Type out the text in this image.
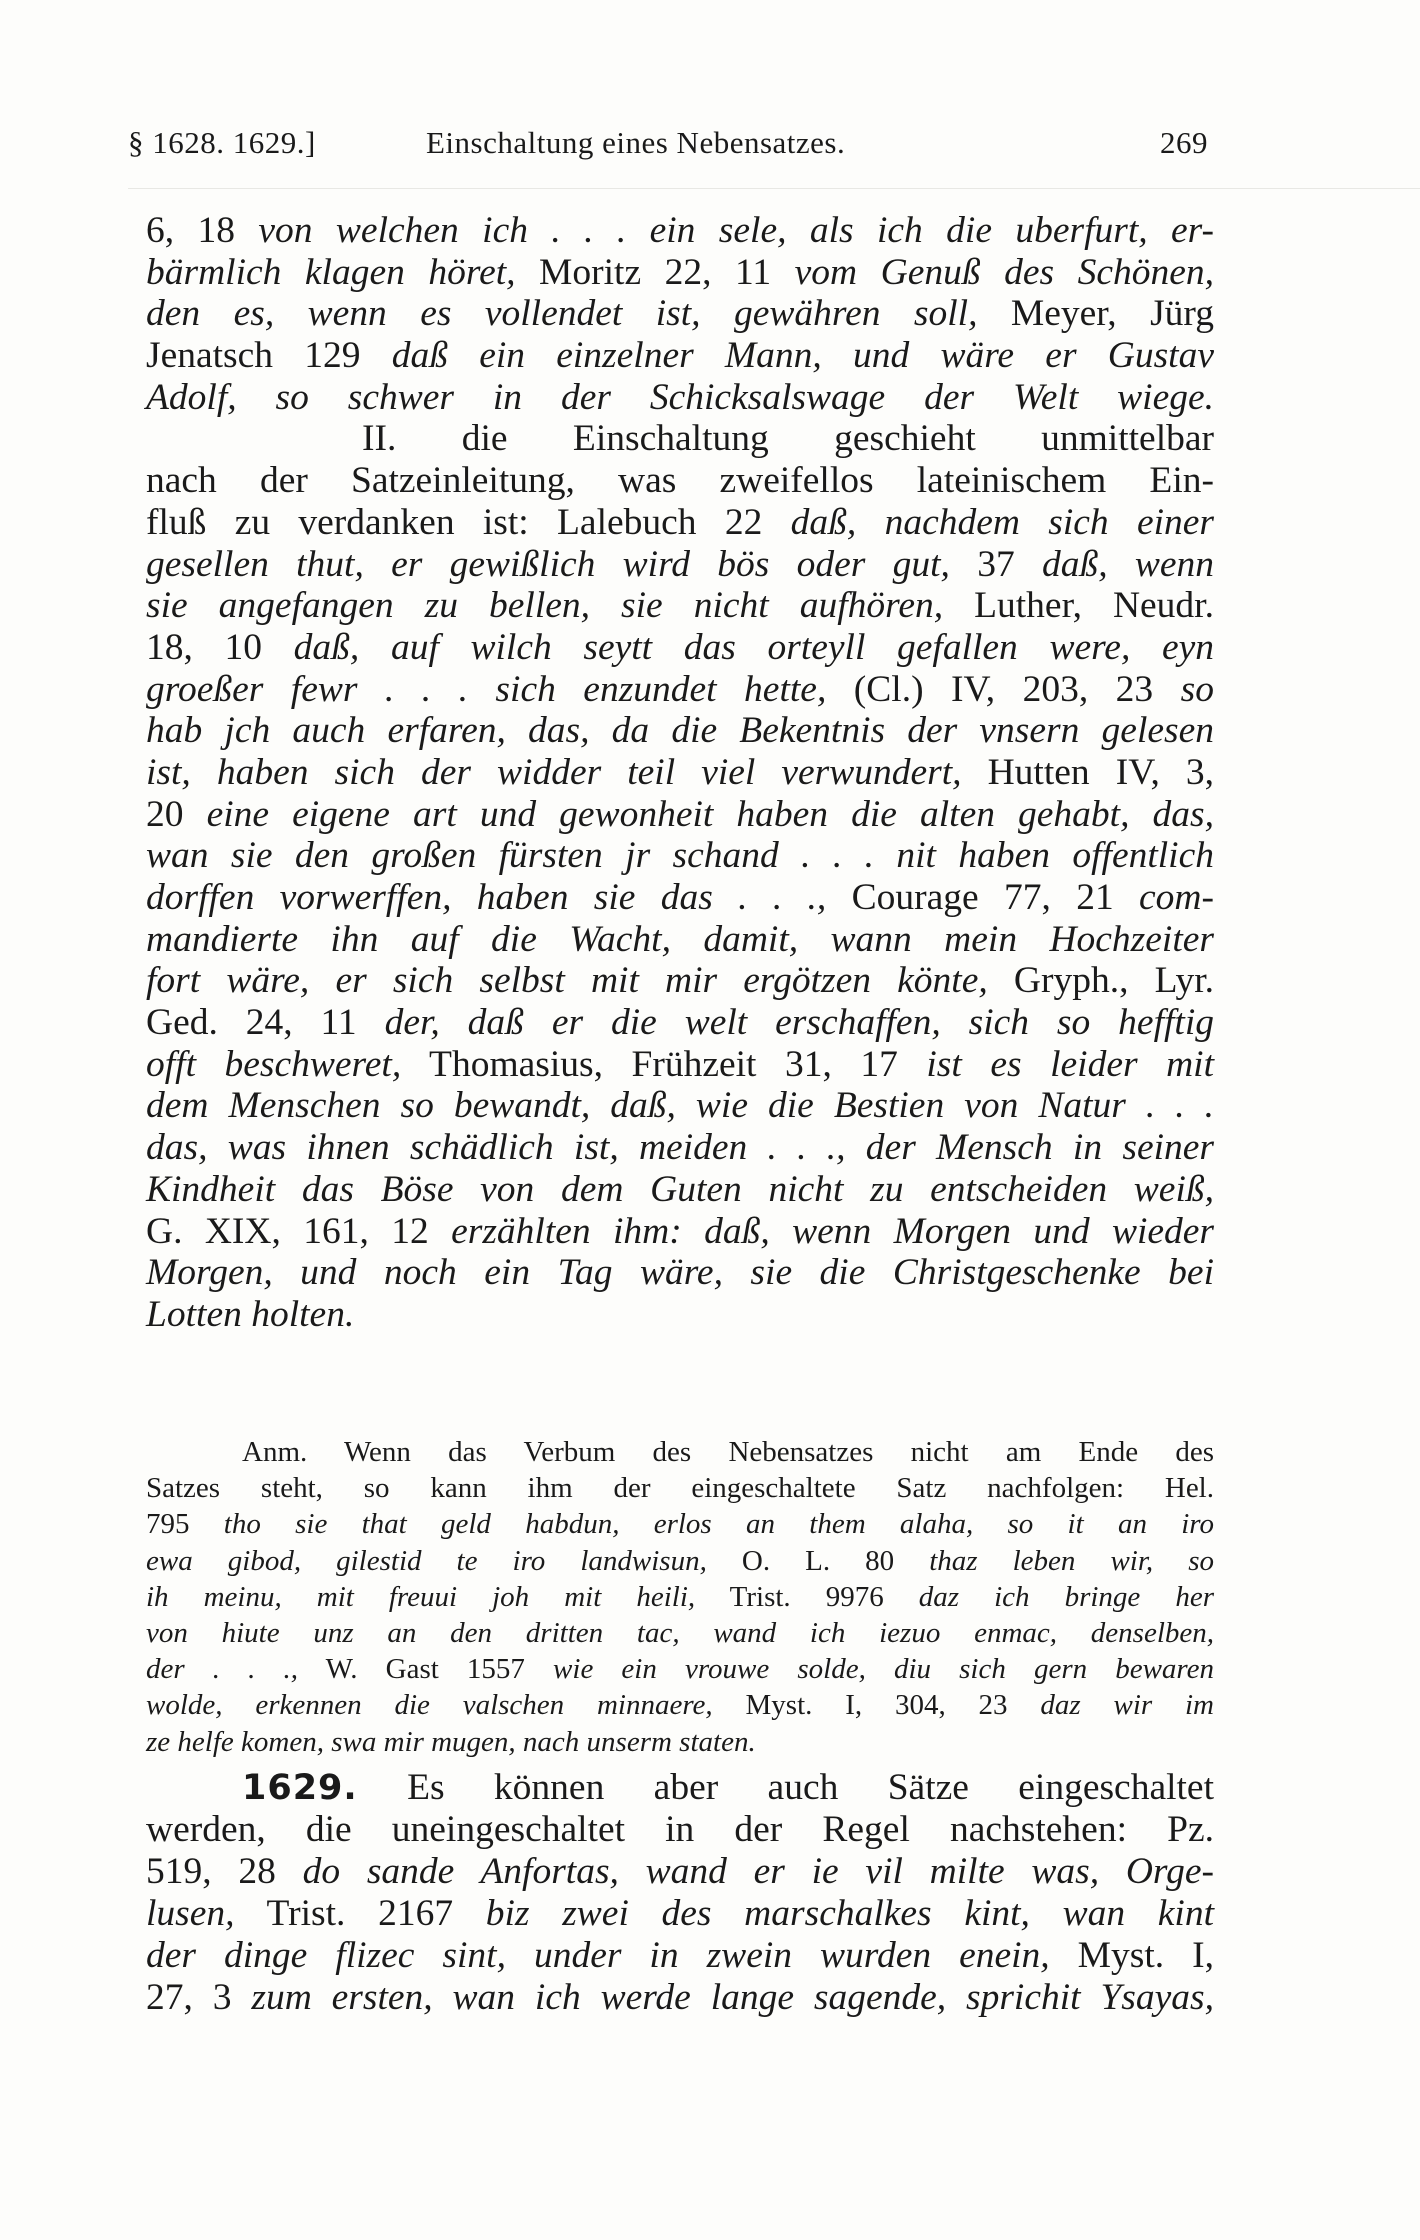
§ 1628. 1629.]	Einschaltung eines Nebensatzes.	269
6, 18 von welchen ich . . . ein sele, als ich die uberfurt, er-
bärmlich klagen höret, Moritz 22, 11 vom Genuß des Schönen,
den es, wenn es vollendet ist, gewähren soll, Meyer, Jürg
Jenatsch 129 daß ein einzelner Mann, und wäre er Gustav
Adolf, so schwer in der Schicksalswage der Welt wiege.
II. die Einschaltung geschieht unmittelbar
nach der Satzeinleitung, was zweifellos lateinischem Ein-
fluß zu verdanken ist: Lalebuch 22 daß, nachdem sich einer
gesellen thut, er gewißlich wird bös oder gut, 37 daß, wenn
sie angefangen zu bellen, sie nicht aufhören, Luther, Neudr.
18, 10 daß, auf wilch seytt das orteyll gefallen were, eyn
groeßer fewr . . . sich enzundet hette, (Cl.) IV, 203, 23 so
hab jch auch erfaren, das, da die Bekentnis der vnsern gelesen
ist, haben sich der widder teil viel verwundert, Hutten IV, 3,
20 eine eigene art und gewonheit haben die alten gehabt, das,
wan sie den großen fürsten jr schand . . . nit haben offentlich
dorffen vorwerffen, haben sie das . . ., Courage 77, 21 com-
mandierte ihn auf die Wacht, damit, wann mein Hochzeiter
fort wäre, er sich selbst mit mir ergötzen könte, Gryph., Lyr.
Ged. 24, 11 der, daß er die welt erschaffen, sich so hefftig
offt beschweret, Thomasius, Frühzeit 31, 17 ist es leider mit
dem Menschen so bewandt, daß, wie die Bestien von Natur . . .
das, was ihnen schädlich ist, meiden . . ., der Mensch in seiner
Kindheit das Böse von dem Guten nicht zu entscheiden weiß,
G. XIX, 161, 12 erzählten ihm: daß, wenn Morgen und wieder
Morgen, und noch ein Tag wäre, sie die Christgeschenke bei
Lotten holten.
Anm. Wenn das Verbum des Nebensatzes nicht am Ende des
Satzes steht, so kann ihm der eingeschaltete Satz nachfolgen: Hel.
795 tho sie that geld habdun, erlos an them alaha, so it an iro
ewa gibod, gilestid te iro landwisun, O. L. 80 thaz leben wir, so
ih meinu, mit freuui joh mit heili, Trist. 9976 daz ich bringe her
von hiute unz an den dritten tac, wand ich iezuo enmac, denselben,
der . . ., W. Gast 1557 wie ein vrouwe solde, diu sich gern bewaren
wolde, erkennen die valschen minnaere, Myst. I, 304, 23 daz wir im
ze helfe komen, swa mir mugen, nach unserm staten.
1629. Es können aber auch Sätze eingeschaltet
werden, die uneingeschaltet in der Regel nachstehen: Pz.
519, 28 do sande Anfortas, wand er ie vil milte was, Orge-
lusen, Trist. 2167 biz zwei des marschalkes kint, wan kint
der dinge flizec sint, under in zwein wurden enein, Myst. I,
27, 3 zum ersten, wan ich werde lange sagende, sprichit Ysayas,
